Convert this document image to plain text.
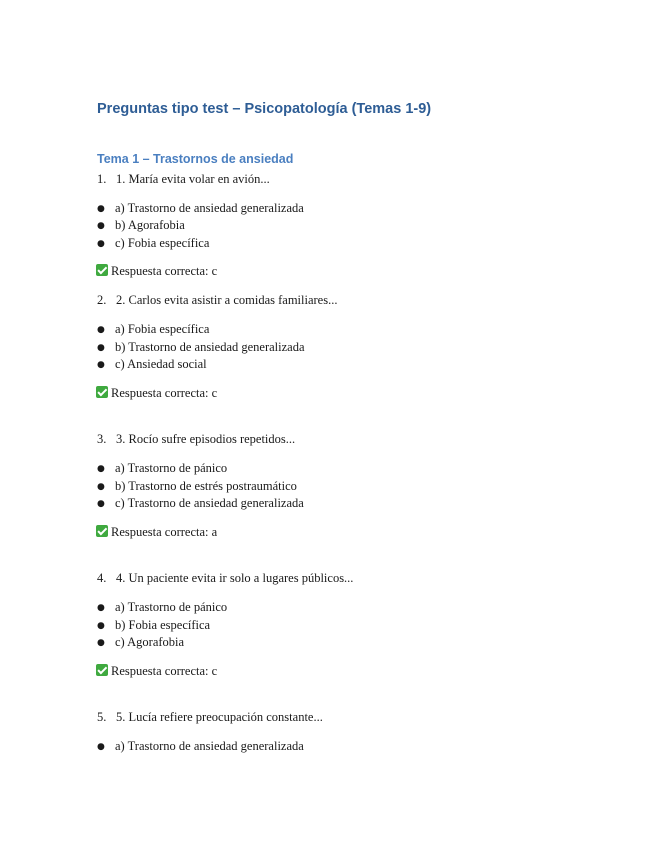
Preguntas tipo test – Psicopatología (Temas 1-9)
Tema 1 – Trastornos de ansiedad
1. 1. María evita volar en avión...
● a) Trastorno de ansiedad generalizada
● b) Agorafobia
● c) Fobia específica
Respuesta correcta: c
2. 2. Carlos evita asistir a comidas familiares...
● a) Fobia específica
● b) Trastorno de ansiedad generalizada
● c) Ansiedad social
Respuesta correcta: c
3. 3. Rocío sufre episodios repetidos...
● a) Trastorno de pánico
● b) Trastorno de estrés postraumático
● c) Trastorno de ansiedad generalizada
Respuesta correcta: a
4. 4. Un paciente evita ir solo a lugares públicos...
● a) Trastorno de pánico
● b) Fobia específica
● c) Agorafobia
Respuesta correcta: c
5. 5. Lucía refiere preocupación constante...
● a) Trastorno de ansiedad generalizada
